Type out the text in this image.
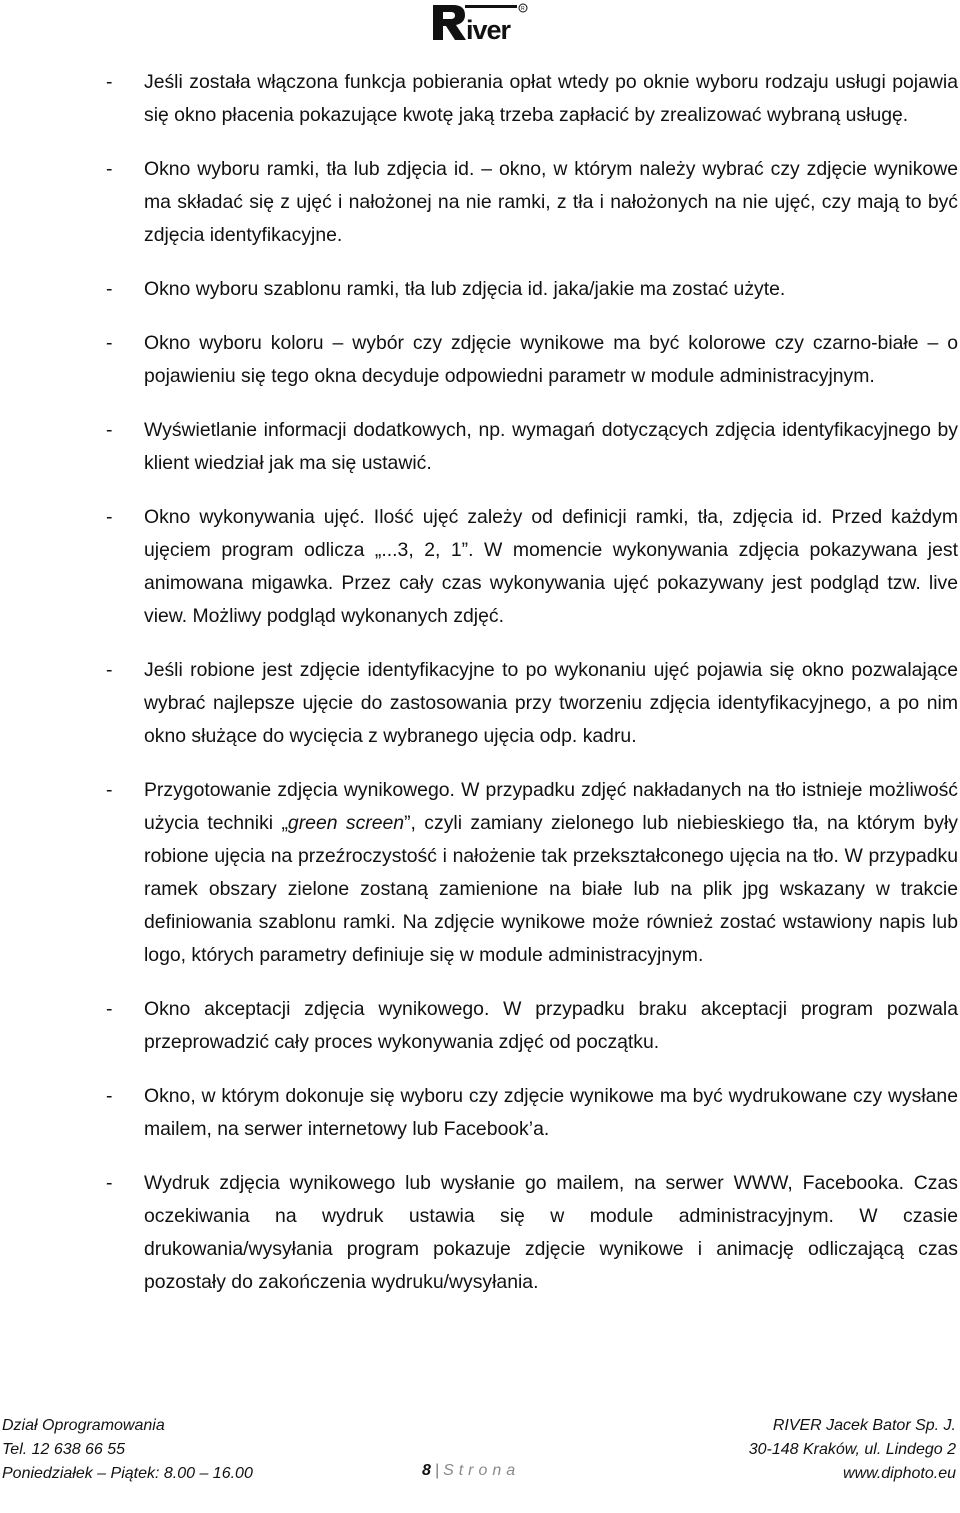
iver
R
-	Jeśli została włączona funkcja pobierania opłat wtedy po oknie wyboru rodzaju usługi pojawia się okno płacenia pokazujące kwotę jaką trzeba zapłacić by zrealizować wybraną usługę.
-	Okno wyboru ramki, tła lub zdjęcia id. – okno, w którym należy wybrać czy zdjęcie wynikowe ma składać się z ujęć i nałożonej na nie ramki, z tła i nałożonych na nie ujęć, czy mają to być zdjęcia identyfikacyjne.
-	Okno wyboru szablonu ramki, tła lub zdjęcia id. jaka/jakie ma zostać użyte.
-	Okno wyboru koloru – wybór czy zdjęcie wynikowe ma być kolorowe czy czarno-białe – o pojawieniu się tego okna decyduje odpowiedni parametr w module administracyjnym.
-	Wyświetlanie informacji dodatkowych, np. wymagań dotyczących zdjęcia identyfikacyjnego by klient wiedział jak ma się ustawić.
-	Okno wykonywania ujęć. Ilość ujęć zależy od definicji ramki, tła, zdjęcia id. Przed każdym ujęciem program odlicza „...3, 2, 1”. W momencie wykonywania zdjęcia pokazywana jest animowana migawka. Przez cały czas wykonywania ujęć pokazywany jest podgląd tzw. live view. Możliwy podgląd wykonanych zdjęć.
-	Jeśli robione jest zdjęcie identyfikacyjne to po wykonaniu ujęć pojawia się okno pozwalające wybrać najlepsze ujęcie do zastosowania przy tworzeniu zdjęcia identyfikacyjnego, a po nim okno służące do wycięcia z wybranego ujęcia odp. kadru.
-	Przygotowanie zdjęcia wynikowego. W przypadku zdjęć nakładanych na tło istnieje możliwość użycia techniki „green screen”, czyli zamiany zielonego lub niebieskiego tła, na którym były robione ujęcia na przeźroczystość i nałożenie tak przekształconego ujęcia na tło. W przypadku ramek obszary zielone zostaną zamienione na białe lub na plik jpg wskazany w trakcie definiowania szablonu ramki. Na zdjęcie wynikowe może również zostać wstawiony napis lub logo, których parametry definiuje się w module administracyjnym.
-	Okno akceptacji zdjęcia wynikowego. W przypadku braku akceptacji program pozwala przeprowadzić cały proces wykonywania zdjęć od początku.
-	Okno, w którym dokonuje się wyboru czy zdjęcie wynikowe ma być wydrukowane czy wysłane mailem, na serwer internetowy lub Facebook’a.
-	Wydruk zdjęcia wynikowego lub wysłanie go mailem, na serwer WWW, Facebooka. Czas oczekiwania na wydruk ustawia się w module administracyjnym. W czasie drukowania/wysyłania program pokazuje zdjęcie wynikowe i animację odliczającą czas pozostały do zakończenia wydruku/wysyłania.
Dział Oprogramowania
Tel. 12 638 66 55
Poniedziałek – Piątek: 8.00 – 16.00
RIVER Jacek Bator Sp. J.
30-148 Kraków, ul. Lindego 2
www.diphoto.eu
8 | Strona
